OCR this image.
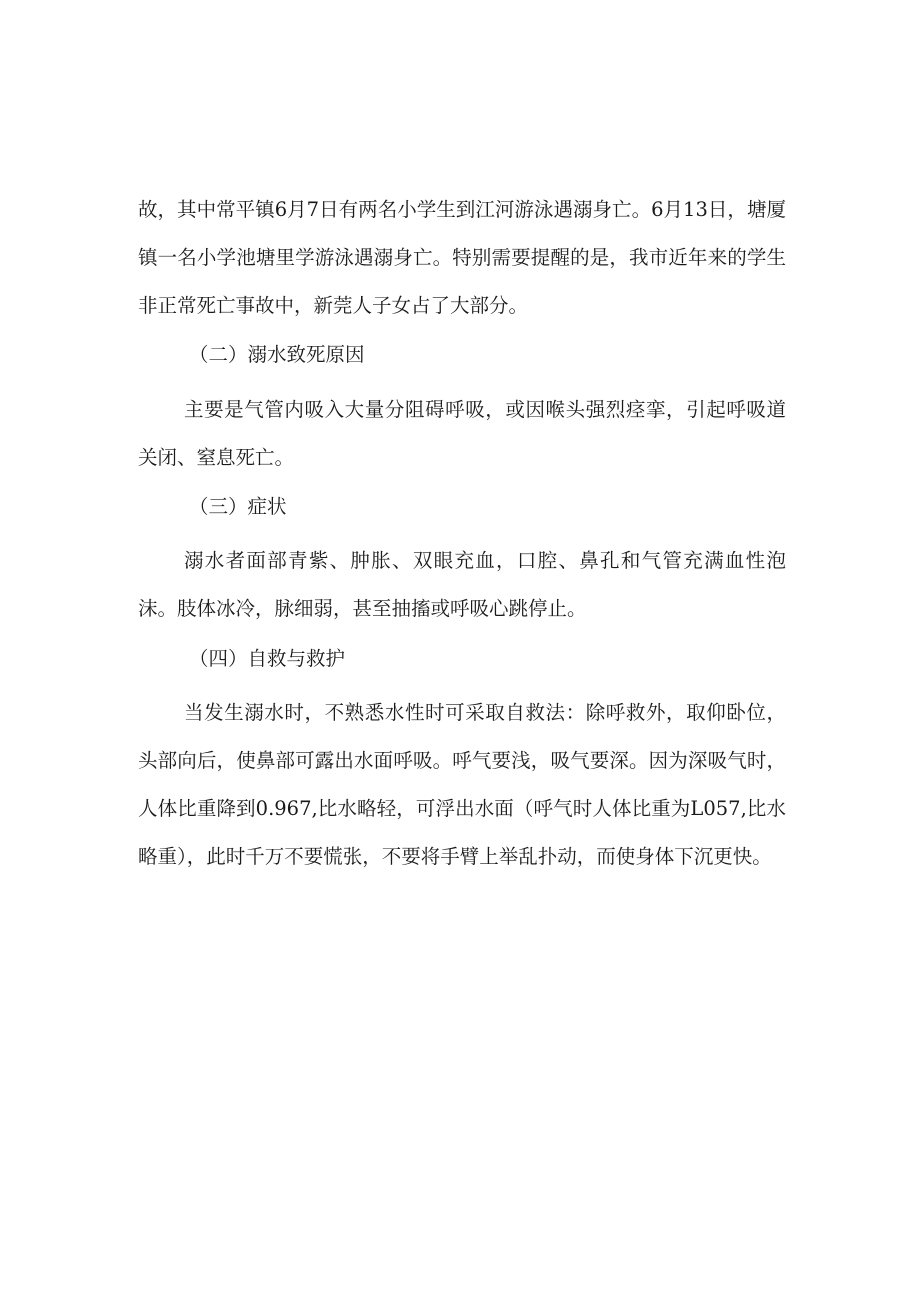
故，其中常平镇6月7日有两名小学生到江河游泳遇溺身亡。6月13日，塘厦镇一名小学池塘里学游泳遇溺身亡。特别需要提醒的是，我市近年来的学生非正常死亡事故中，新莞人子女占了大部分。

（二）溺水致死原因

主要是气管内吸入大量分阻碍呼吸，或因喉头强烈痉挛，引起呼吸道关闭、窒息死亡。

（三）症状

溺水者面部青紫、肿胀、双眼充血，口腔、鼻孔和气管充满血性泡沫。肢体冰冷，脉细弱，甚至抽搐或呼吸心跳停止。

（四）自救与救护

当发生溺水时，不熟悉水性时可采取自救法：除呼救外，取仰卧位，头部向后，使鼻部可露出水面呼吸。呼气要浅，吸气要深。因为深吸气时，人体比重降到0.967,比水略轻，可浮出水面（呼气时人体比重为L057,比水略重），此时千万不要慌张，不要将手臂上举乱扑动，而使身体下沉更快。
